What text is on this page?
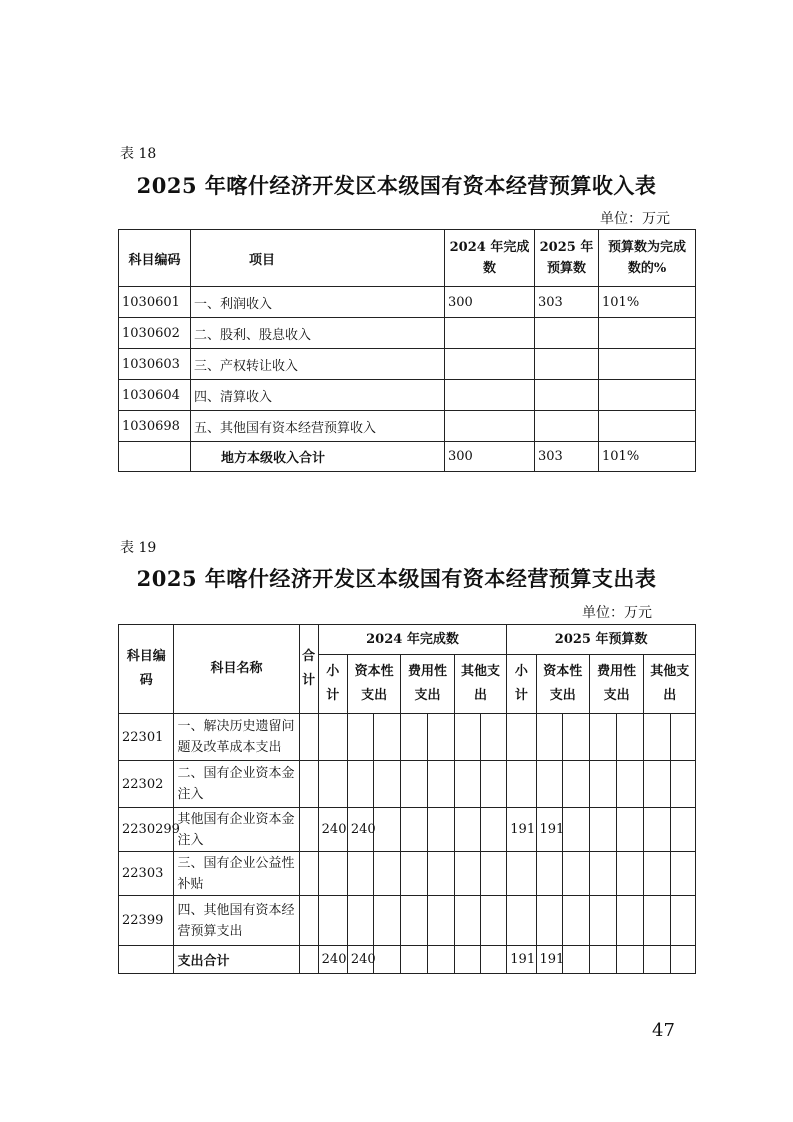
表 18
2025 年喀什经济开发区本级国有资本经营预算收入表
单位：万元
科目编码	项目	2024 年完成数	2025 年预算数	预算数为完成数的%
1030601	一、利润收入	300	303	101%
1030602	二、股利、股息收入			
1030603	三、产权转让收入			
1030604	四、清算收入			
1030698	五、其他国有资本经营预算收入			
	地方本级收入合计	300	303	101%
表 19
2025 年喀什经济开发区本级国有资本经营预算支出表
单位：万元
科目编码	科目名称	合计	2024 年完成数							2025 年预算数						
			小计	资本性支出		费用性支出		其他支出		小计	资本性支出		费用性支出		其他支出	
22301	一、解决历史遗留问题及改革成本支出															
22302	二、国有企业资本金注入															
2230299	其他国有企业资本金注入		240	240						191	191					
22303	三、国有企业公益性补贴															
22399	四、其他国有资本经营预算支出															
	支出合计		240	240						191	191					
47
